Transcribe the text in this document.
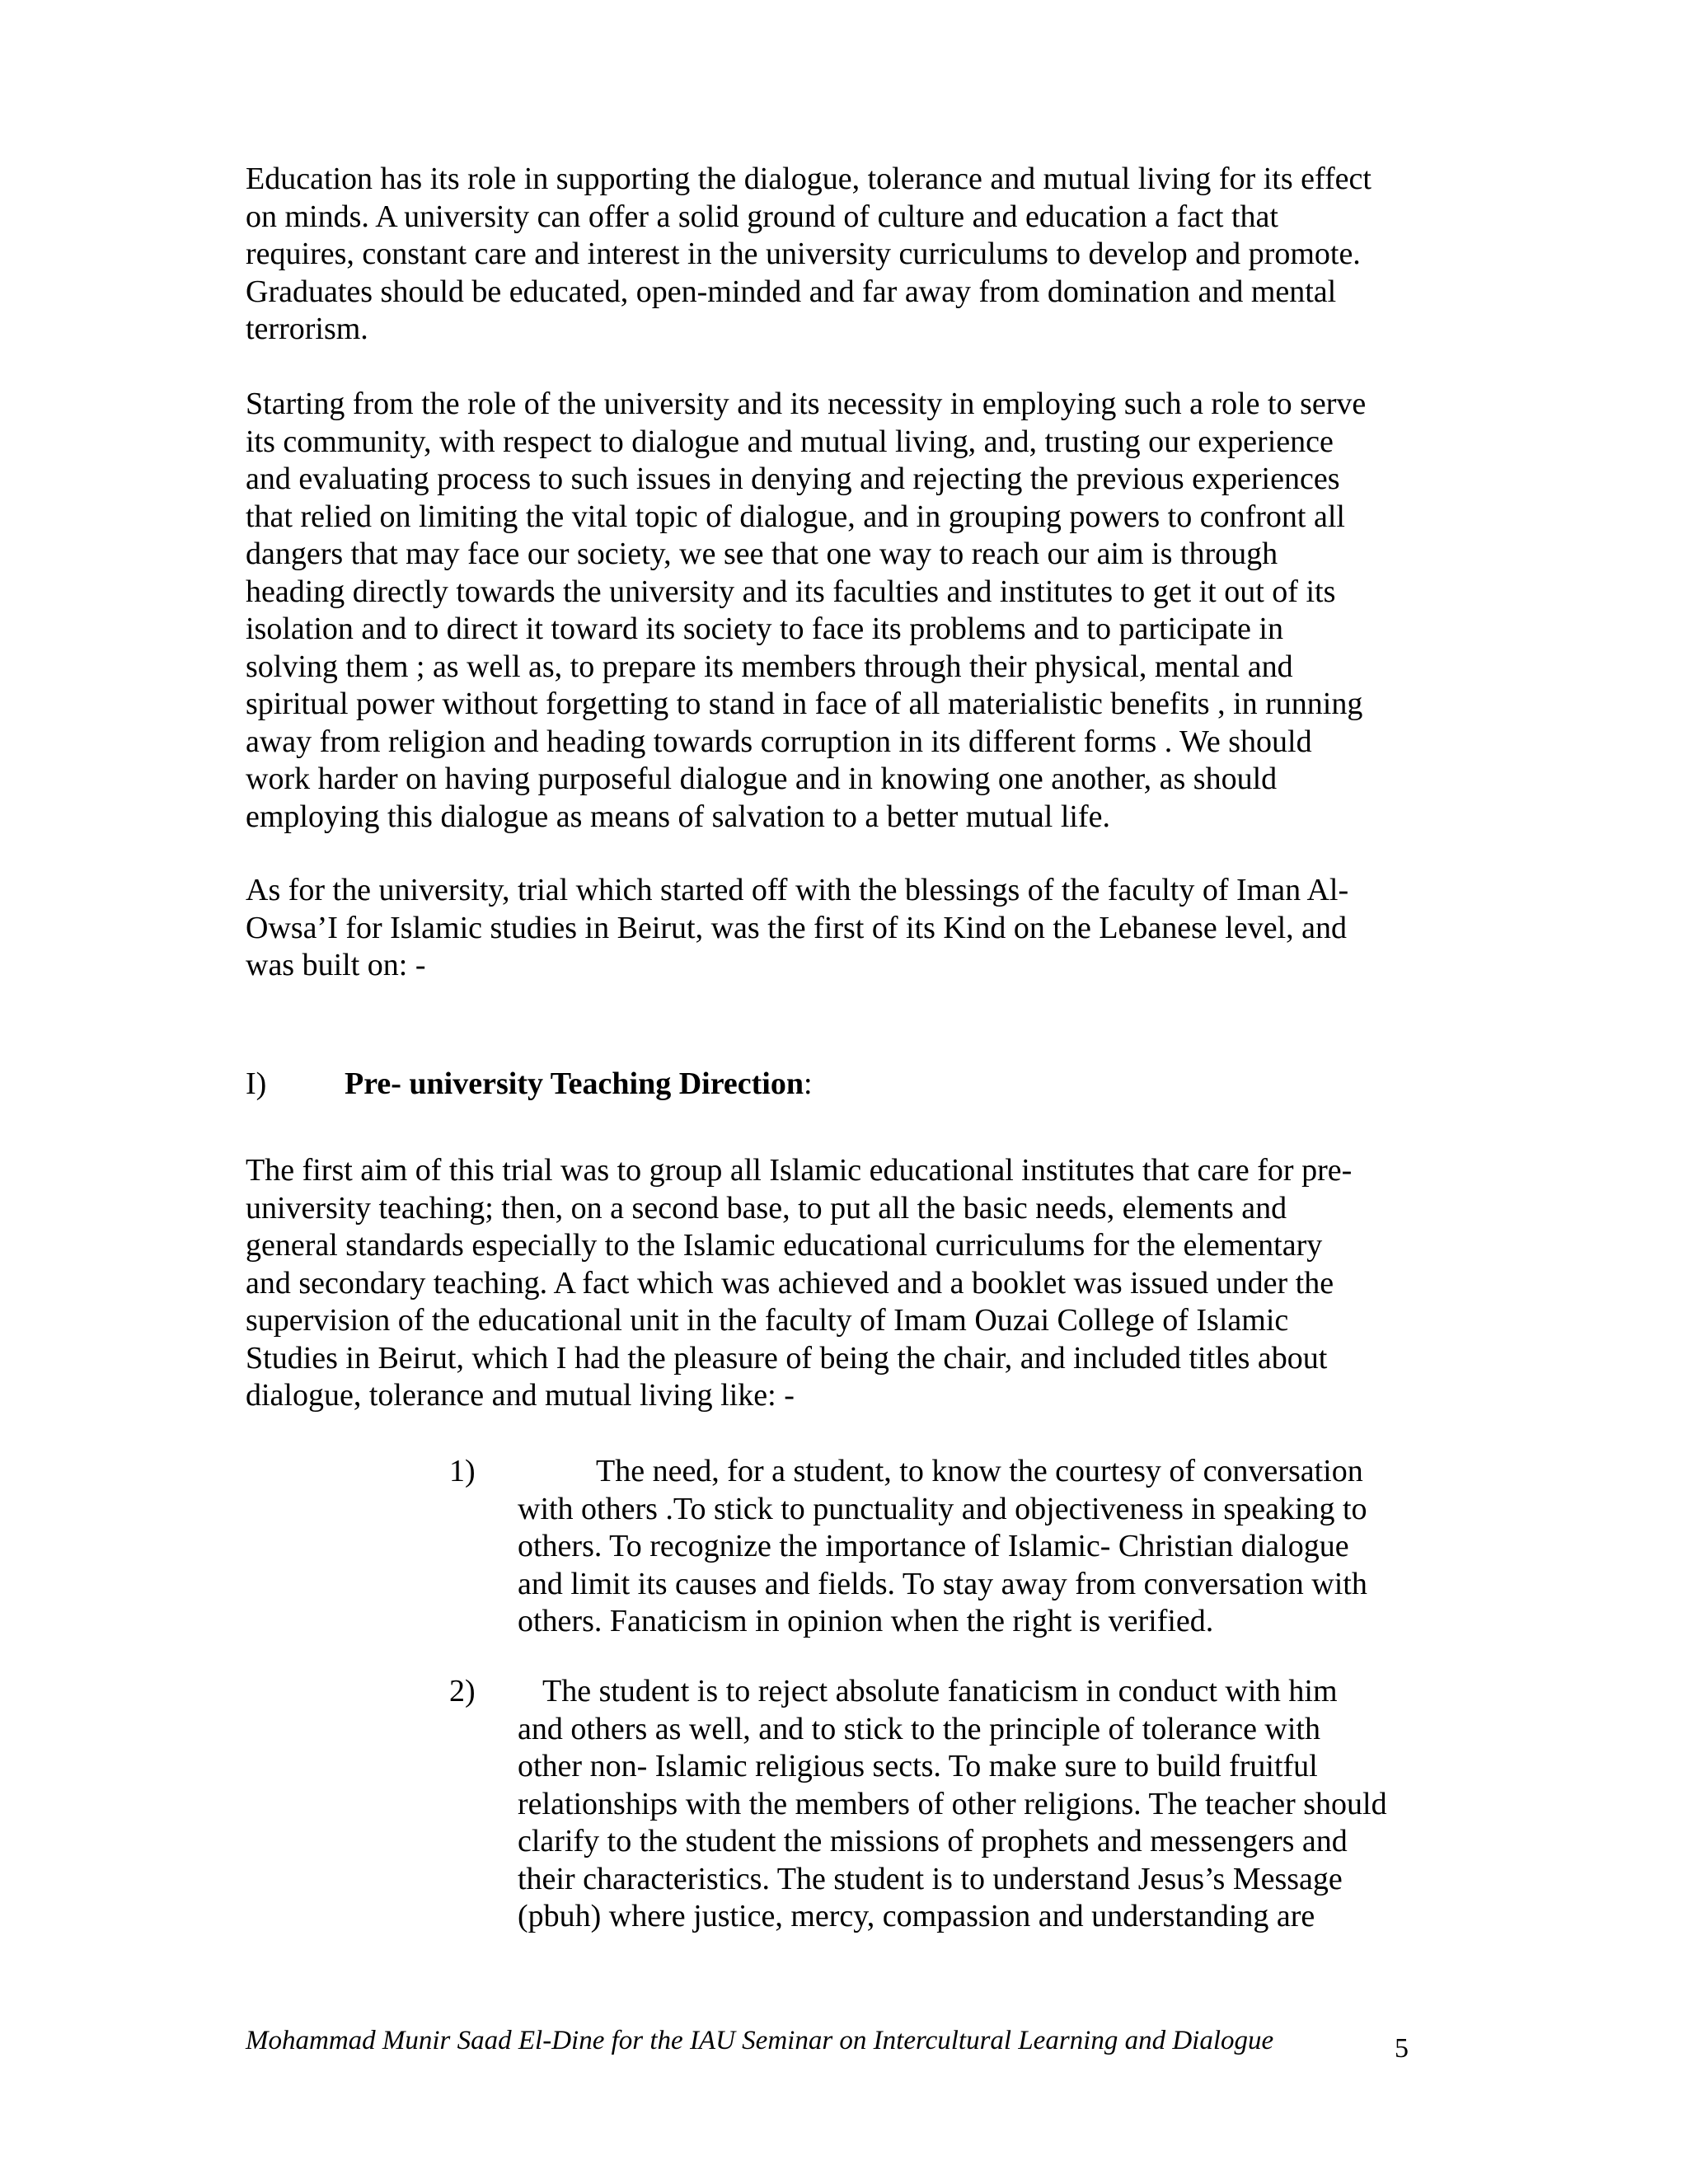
Education has its role in supporting the dialogue, tolerance and mutual living for its effect
on minds. A university can offer a solid ground of culture and education a fact that
requires, constant care and interest in the university curriculums to develop and promote.
Graduates should be educated, open-minded and far away from domination and mental
terrorism.
Starting from the role of the university and its necessity in employing such a role to serve
its community, with respect to dialogue and mutual living, and, trusting our experience
and evaluating process to such issues in denying and rejecting the previous experiences
that relied on limiting the vital topic of dialogue, and in grouping powers to confront all
dangers that may face our society, we see that one way to reach our aim is through
heading directly towards the university and its faculties and institutes to get it out of its
isolation and to direct it toward its society to face its problems and to participate in
solving them ; as well as, to prepare its members through their physical, mental and
spiritual power without forgetting to stand in face of all materialistic benefits , in running
away from religion and heading towards corruption in its different forms . We should
work harder on having purposeful dialogue and in knowing one another, as should
employing this dialogue as means of salvation to a better mutual life.
As for the university, trial which started off with the blessings of the faculty of Iman Al-
Owsa’I for Islamic studies in Beirut, was the first of its Kind on the Lebanese level, and
was built on: -
I) Pre- university Teaching Direction:
The first aim of this trial was to group all Islamic educational institutes that care for pre-
university teaching; then, on a second base, to put all the basic needs, elements and
general standards especially to the Islamic educational curriculums for the elementary
and secondary teaching. A fact which was achieved and a booklet was issued under the
supervision of the educational unit in the faculty of Imam Ouzai College of Islamic
Studies in Beirut, which I had the pleasure of being the chair, and included titles about
dialogue, tolerance and mutual living like: -
1)	The need, for a student, to know the courtesy of conversation
with others .To stick to punctuality and objectiveness in speaking to
others. To recognize the importance of Islamic- Christian dialogue
and limit its causes and fields. To stay away from conversation with
others. Fanaticism in opinion when the right is verified.
2)	The student is to reject absolute fanaticism in conduct with him
and others as well, and to stick to the principle of tolerance with
other non- Islamic religious sects. To make sure to build fruitful
relationships with the members of other religions. The teacher should
clarify to the student the missions of prophets and messengers and
their characteristics. The student is to understand Jesus’s Message
(pbuh) where justice, mercy, compassion and understanding are
Mohammad Munir Saad El-Dine for the IAU Seminar on Intercultural Learning and Dialogue	5
